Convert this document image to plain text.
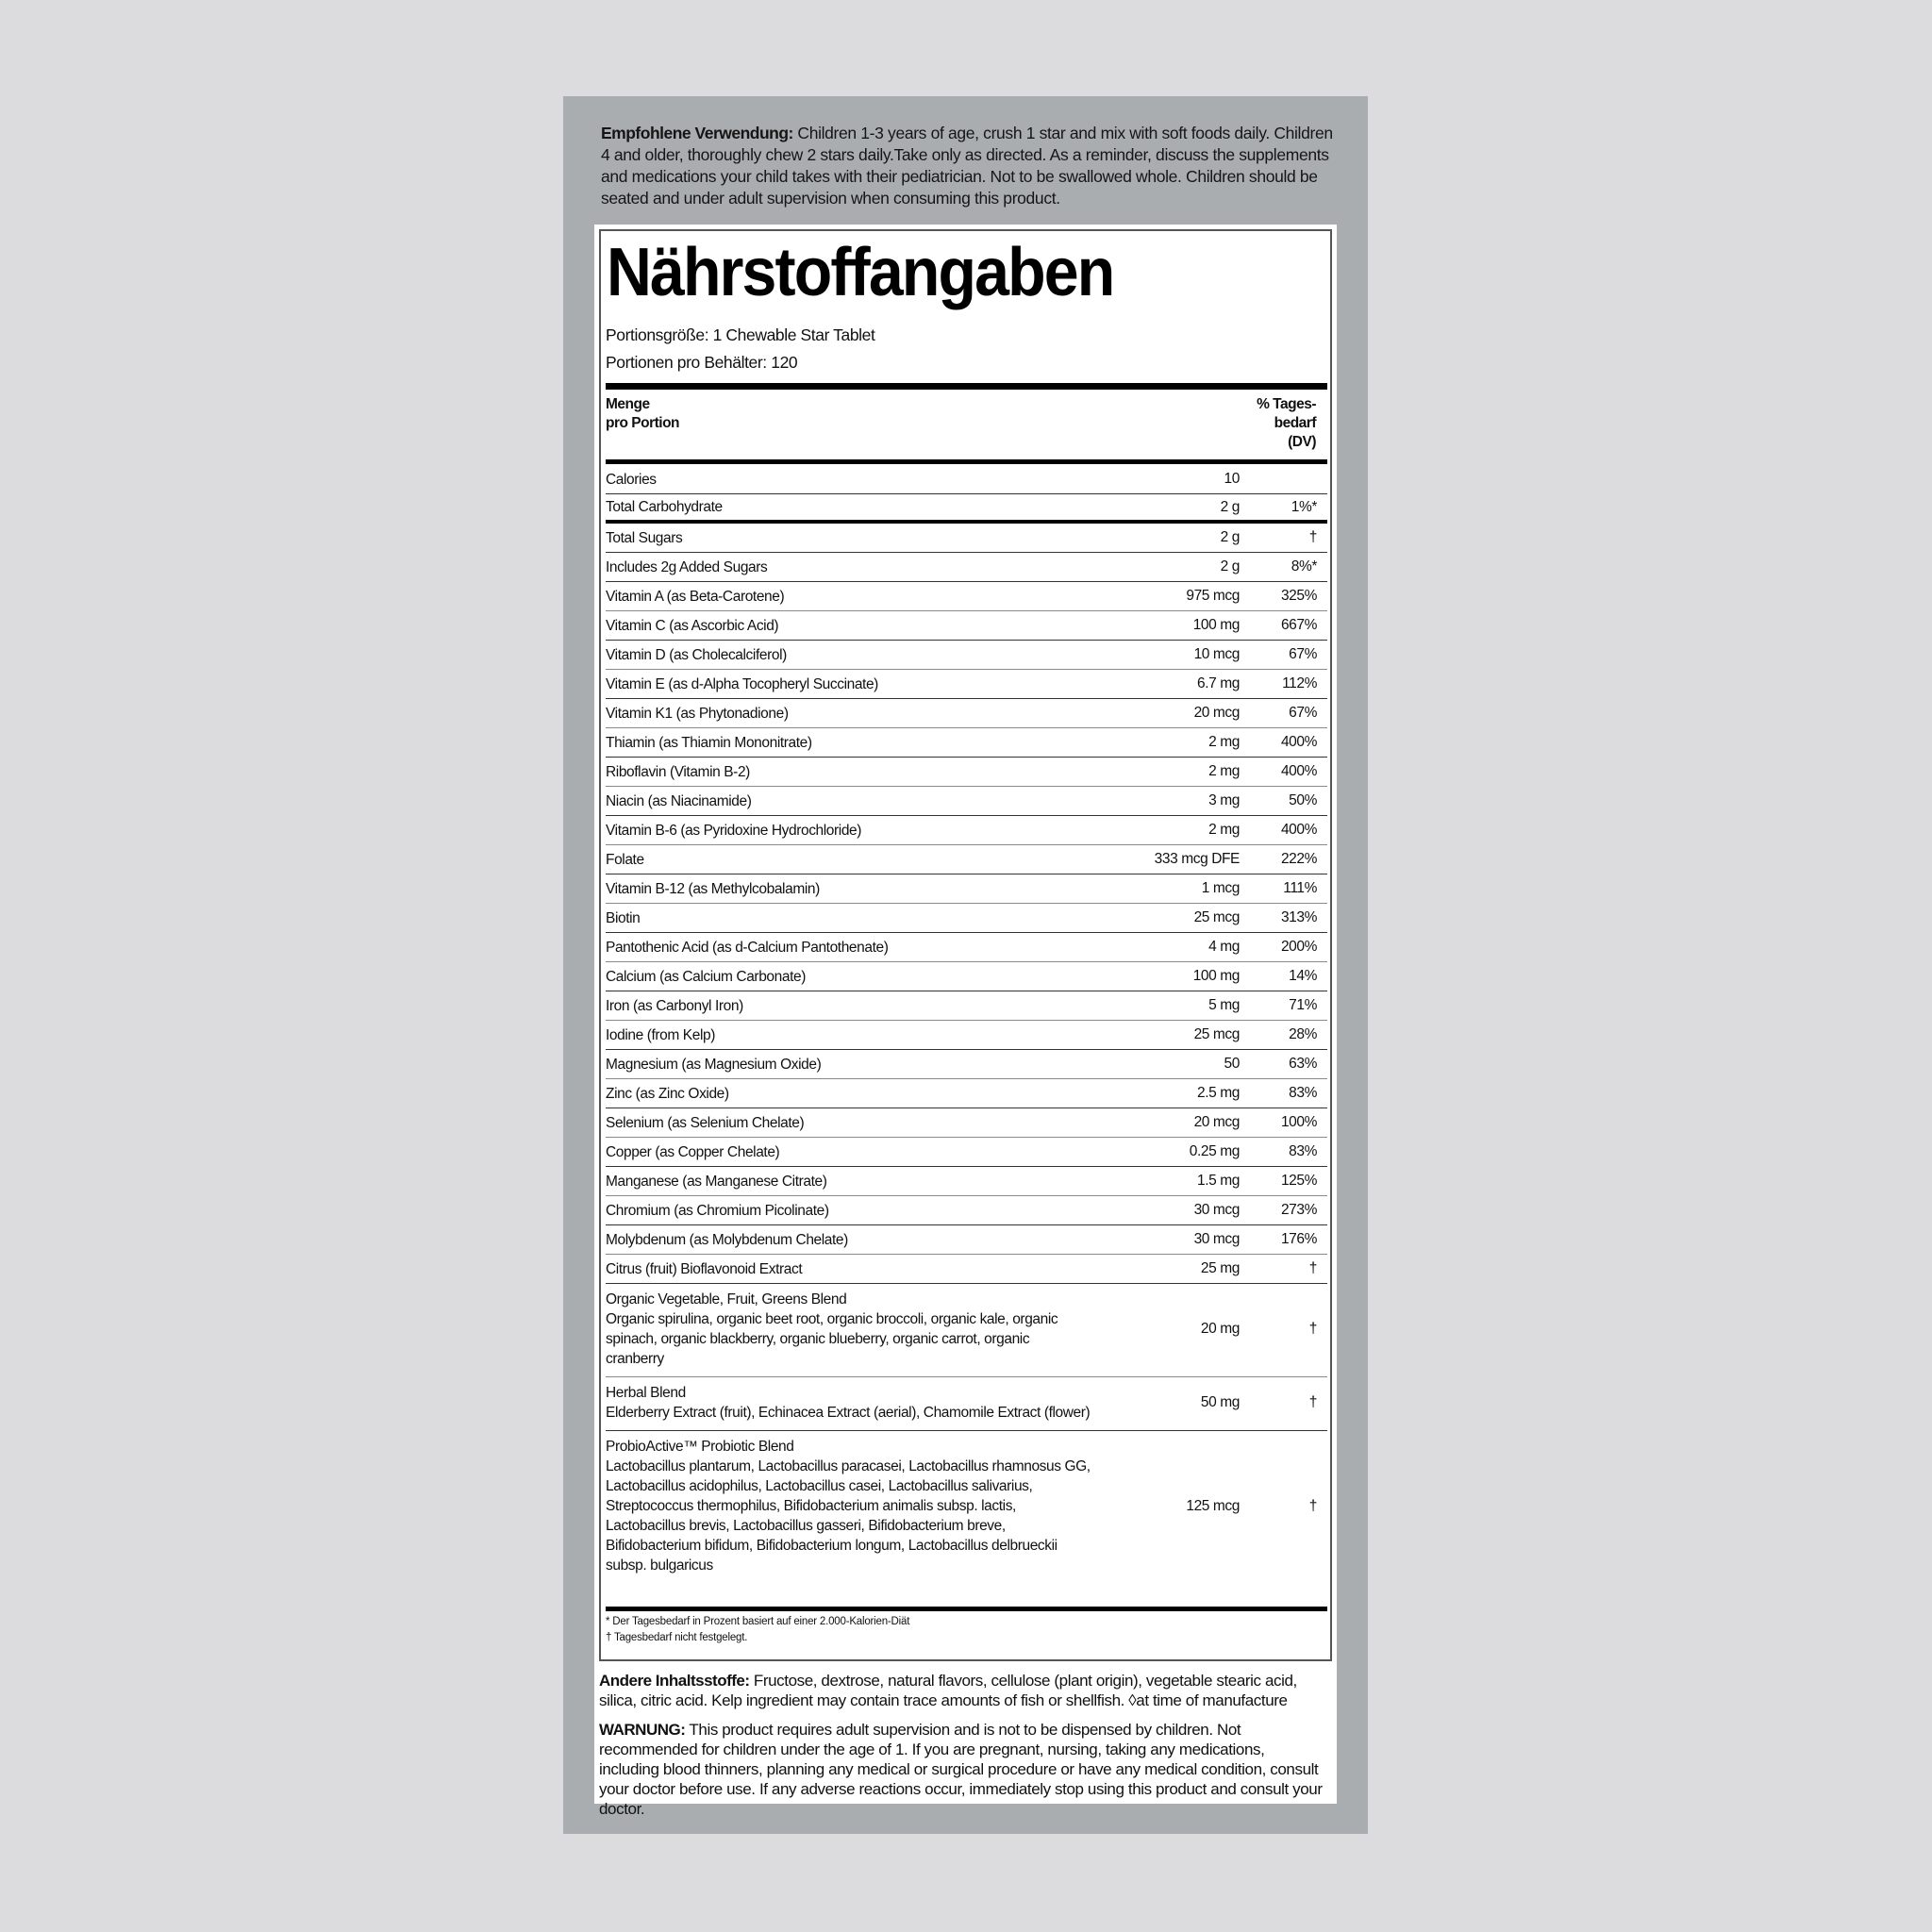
Empfohlene Verwendung: Children 1-3 years of age, crush 1 star and mix with soft foods daily. Children 4 and older, thoroughly chew 2 stars daily.Take only as directed. As a reminder, discuss the supplements and medications your child takes with their pediatrician. Not to be swallowed whole. Children should be seated and under adult supervision when consuming this product.

Nährstoffangaben
Portionsgröße: 1 Chewable Star Tablet
Portionen pro Behälter: 120
Menge
pro Portion
% Tages-
bedarf
(DV)
Calories	10
Total Carbohydrate	2 g	1%*
Total Sugars	2 g	†
Includes 2g Added Sugars	2 g	8%*
Vitamin A (as Beta-Carotene)	975 mcg	325%
Vitamin C (as Ascorbic Acid)	100 mg	667%
Vitamin D (as Cholecalciferol)	10 mcg	67%
Vitamin E (as d-Alpha Tocopheryl Succinate)	6.7 mg	112%
Vitamin K1 (as Phytonadione)	20 mcg	67%
Thiamin (as Thiamin Mononitrate)	2 mg	400%
Riboflavin (Vitamin B-2)	2 mg	400%
Niacin (as Niacinamide)	3 mg	50%
Vitamin B-6 (as Pyridoxine Hydrochloride)	2 mg	400%
Folate	333 mcg DFE	222%
Vitamin B-12 (as Methylcobalamin)	1 mcg	111%
Biotin	25 mcg	313%
Pantothenic Acid (as d-Calcium Pantothenate)	4 mg	200%
Calcium (as Calcium Carbonate)	100 mg	14%
Iron (as Carbonyl Iron)	5 mg	71%
Iodine (from Kelp)	25 mcg	28%
Magnesium (as Magnesium Oxide)	50	63%
Zinc (as Zinc Oxide)	2.5 mg	83%
Selenium (as Selenium Chelate)	20 mcg	100%
Copper (as Copper Chelate)	0.25 mg	83%
Manganese (as Manganese Citrate)	1.5 mg	125%
Chromium (as Chromium Picolinate)	30 mcg	273%
Molybdenum (as Molybdenum Chelate)	30 mcg	176%
Citrus (fruit) Bioflavonoid Extract	25 mg	†
Organic Vegetable, Fruit, Greens Blend
Organic spirulina, organic beet root, organic broccoli, organic kale, organic spinach, organic blackberry, organic blueberry, organic carrot, organic cranberry
20 mg	†
Herbal Blend
Elderberry Extract (fruit), Echinacea Extract (aerial), Chamomile Extract (flower)
50 mg	†
ProbioActive™ Probiotic Blend
Lactobacillus plantarum, Lactobacillus paracasei, Lactobacillus rhamnosus GG, Lactobacillus acidophilus, Lactobacillus casei, Lactobacillus salivarius, Streptococcus thermophilus, Bifidobacterium animalis subsp. lactis, Lactobacillus brevis, Lactobacillus gasseri, Bifidobacterium breve, Bifidobacterium bifidum, Bifidobacterium longum, Lactobacillus delbrueckii subsp. bulgaricus
125 mcg	†
* Der Tagesbedarf in Prozent basiert auf einer 2.000-Kalorien-Diät
† Tagesbedarf nicht festgelegt.

Andere Inhaltsstoffe: Fructose, dextrose, natural flavors, cellulose (plant origin), vegetable stearic acid, silica, citric acid. Kelp ingredient may contain trace amounts of fish or shellfish. ◊at time of manufacture

WARNUNG: This product requires adult supervision and is not to be dispensed by children. Not recommended for children under the age of 1. If you are pregnant, nursing, taking any medications, including blood thinners, planning any medical or surgical procedure or have any medical condition, consult your doctor before use. If any adverse reactions occur, immediately stop using this product and consult your doctor.
